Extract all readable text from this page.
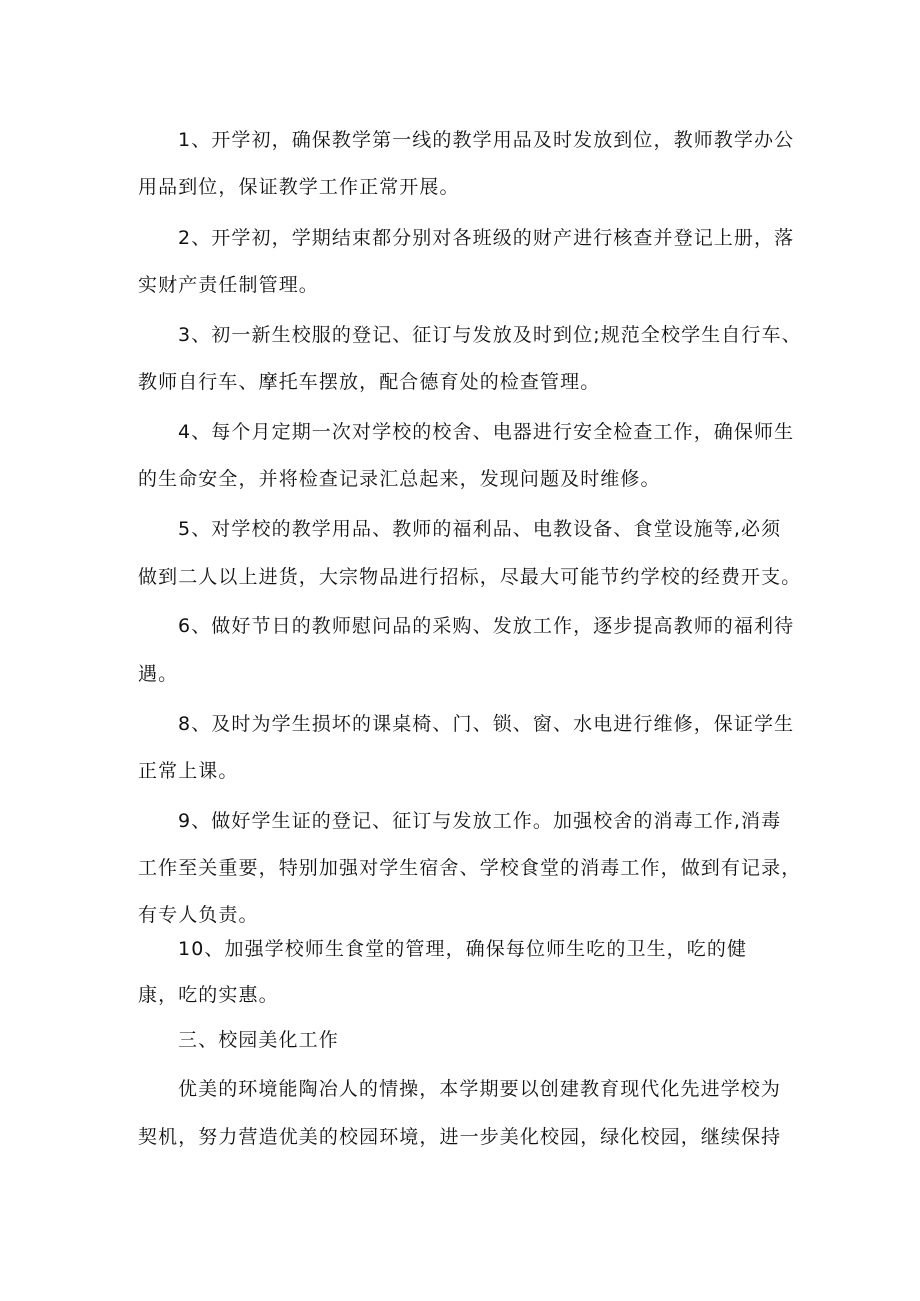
1、开学初，确保教学第一线的教学用品及时发放到位，教师教学办公
用品到位，保证教学工作正常开展。
2、开学初，学期结束都分别对各班级的财产进行核查并登记上册，落
实财产责任制管理。
3、初一新生校服的登记、征订与发放及时到位;规范全校学生自行车、
教师自行车、摩托车摆放，配合德育处的检查管理。
4、每个月定期一次对学校的校舍、电器进行安全检查工作，确保师生
的生命安全，并将检查记录汇总起来，发现问题及时维修。
5、对学校的教学用品、教师的福利品、电教设备、食堂设施等,必须
做到二人以上进货，大宗物品进行招标，尽最大可能节约学校的经费开支。
6、做好节日的教师慰问品的采购、发放工作，逐步提高教师的福利待
遇。
8、及时为学生损坏的课桌椅、门、锁、窗、水电进行维修，保证学生
正常上课。
9、做好学生证的登记、征订与发放工作。加强校舍的消毒工作,消毒
工作至关重要，特别加强对学生宿舍、学校食堂的消毒工作，做到有记录，
有专人负责。
10、加强学校师生食堂的管理，确保每位师生吃的卫生，吃的健
康，吃的实惠。
三、校园美化工作
优美的环境能陶冶人的情操，本学期要以创建教育现代化先进学校为
契机，努力营造优美的校园环境，进一步美化校园，绿化校园，继续保持
